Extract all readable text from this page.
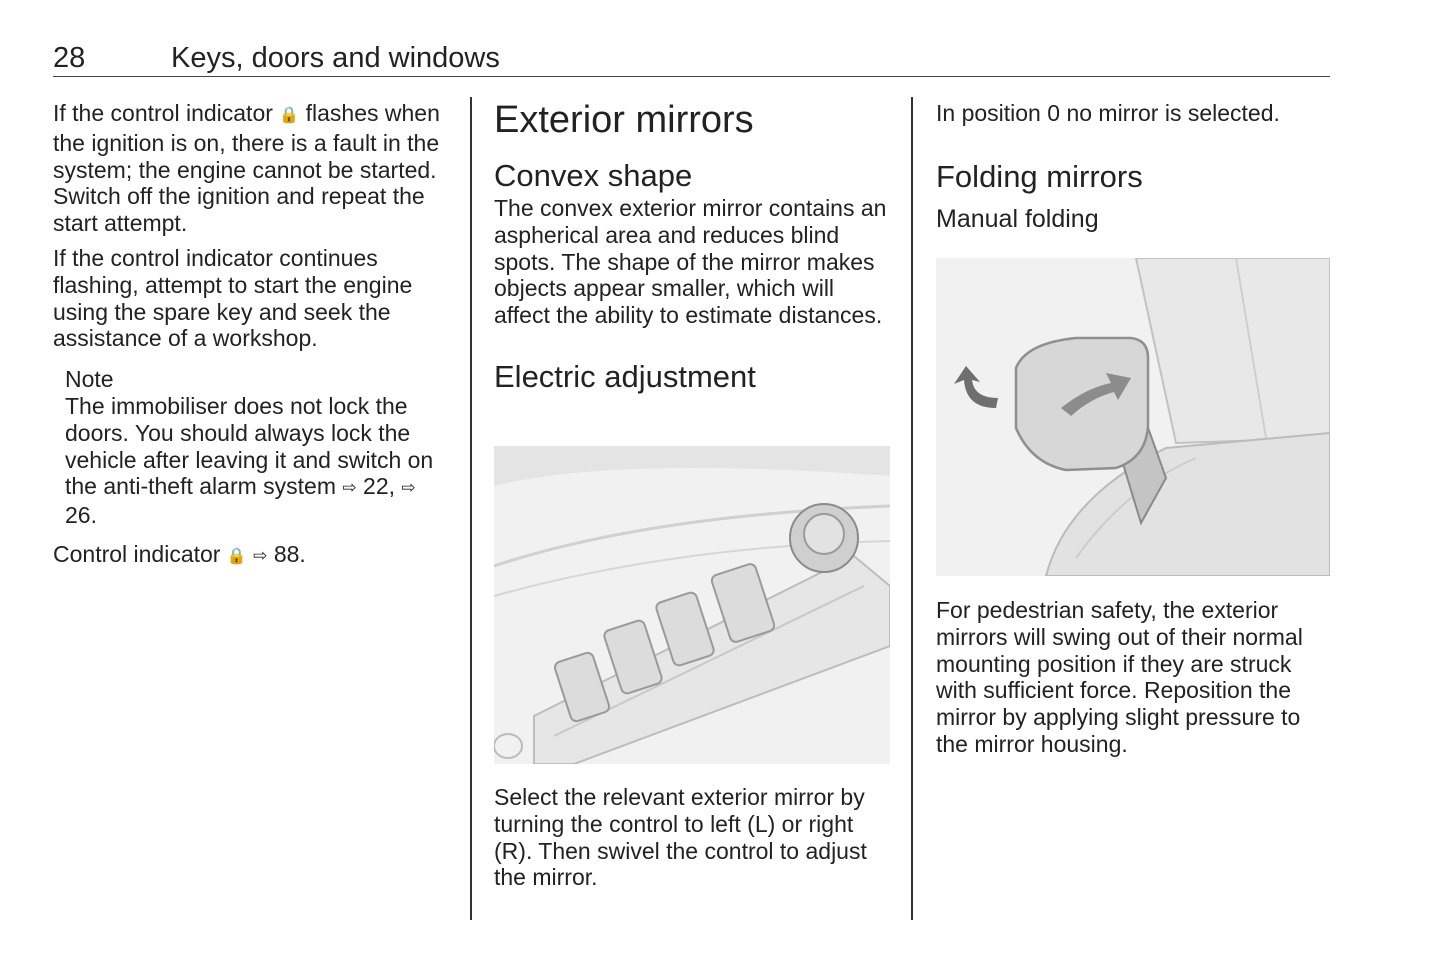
28	Keys, doors and windows

If the control indicator 🔒 flashes when the ignition is on, there is a fault in the system; the engine cannot be started. Switch off the ignition and repeat the start attempt.

If the control indicator continues flashing, attempt to start the engine using the spare key and seek the assistance of a workshop.

Note

The immobiliser does not lock the doors. You should always lock the vehicle after leaving it and switch on the anti-theft alarm system ⇨ 22, ⇨ 26.

Control indicator 🔒 ⇨ 88.

Exterior mirrors
Convex shape

The convex exterior mirror contains an aspherical area and reduces blind spots. The shape of the mirror makes objects appear smaller, which will affect the ability to estimate distances.

Electric adjustment

Select the relevant exterior mirror by turning the control to left (L) or right (R). Then swivel the control to adjust the mirror.

In position 0 no mirror is selected.

Folding mirrors
Manual folding

For pedestrian safety, the exterior mirrors will swing out of their normal mounting position if they are struck with sufficient force. Reposition the mirror by applying slight pressure to the mirror housing.
